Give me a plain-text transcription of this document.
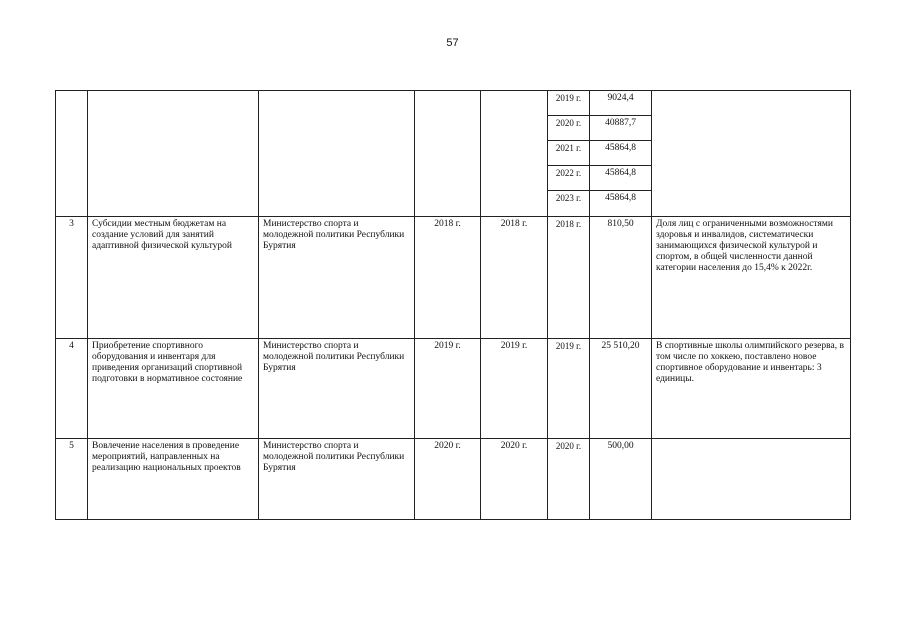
57
					2019 г.	9024,4	
					2020 г.	40887,7	
					2021 г.	45864,8	
					2022 г.	45864,8	
					2023 г.	45864,8	
3	Субсидии местным бюджетам на создание условий для занятий адаптивной физической культурой	Министерство спорта и молодежной политики Республики Бурятия	2018 г.	2018 г.	2018 г.	810,50	Доля лиц с ограниченными возможностями здоровья и инвалидов, систематически занимающихся физической культурой и спортом, в общей численности данной категории населения до 15,4% к 2022г.
4	Приобретение спортивного оборудования и инвентаря для приведения организаций спортивной подготовки в нормативное состояние	Министерство спорта и молодежной политики Республики Бурятия	2019 г.	2019 г.	2019 г.	25 510,20	В спортивные школы олимпийского резерва, в том числе по хоккею, поставлено новое спортивное оборудование и инвентарь: 3 единицы.
5	Вовлечение населения в проведение мероприятий, направленных на реализацию национальных проектов	Министерство спорта и молодежной политики Республики Бурятия	2020 г.	2020 г.	2020 г.	500,00	
